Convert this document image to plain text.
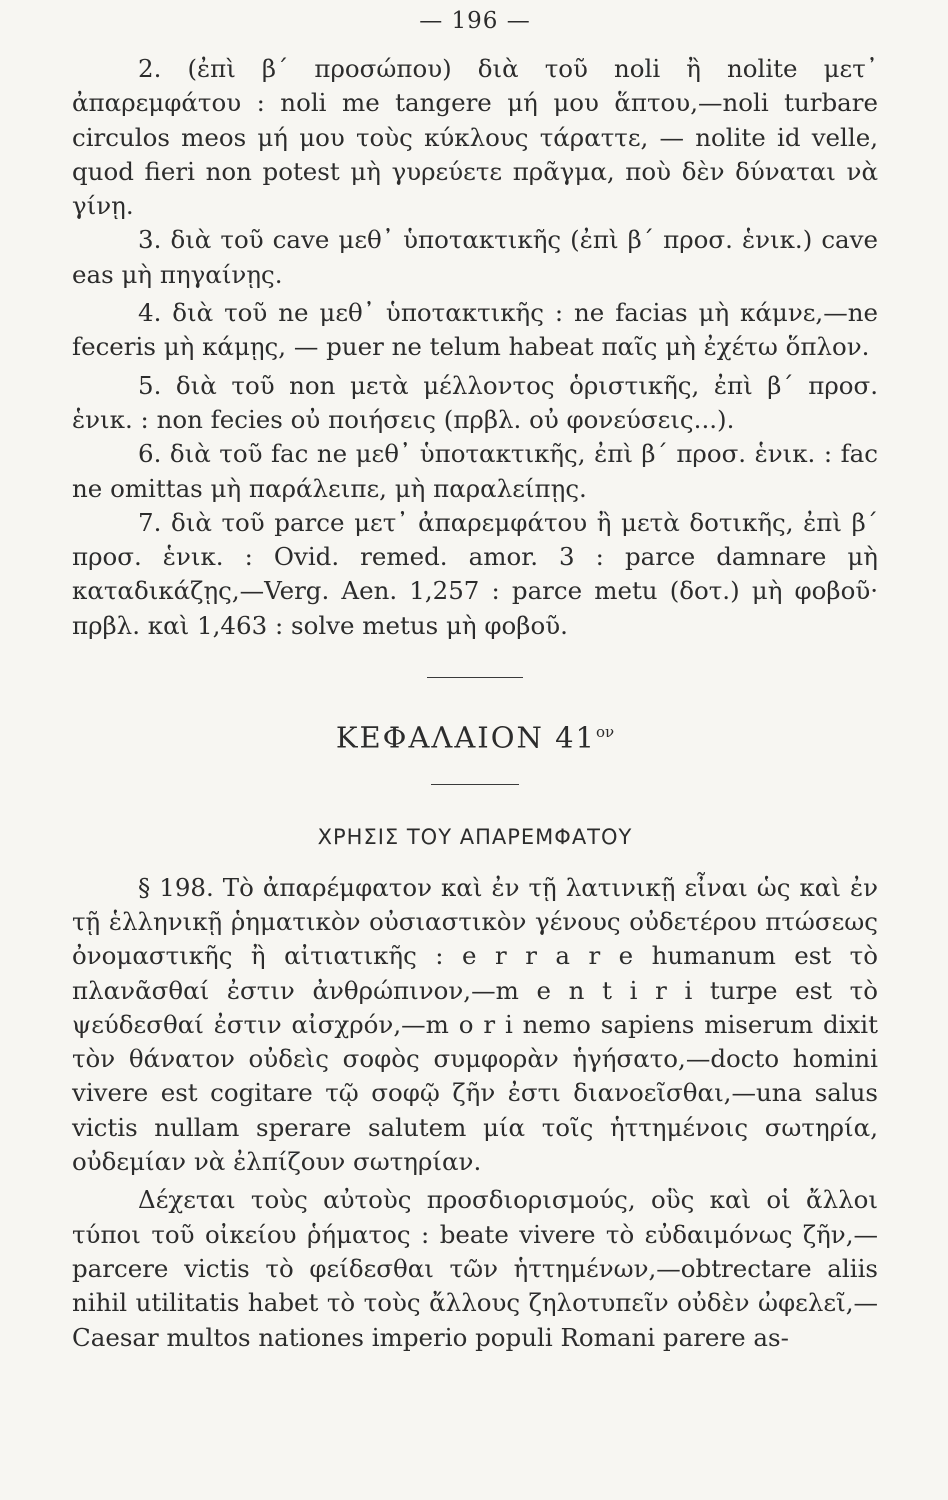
— 196 —

2. (ἐπὶ β΄ προσώπου) διὰ τοῦ noli ἢ nolite μετ᾽ ἀπαρεμφάτου : noli me tangere μή μου ἅπτου,—noli turbare circulos meos μή μου τοὺς κύκλους τάραττε, — nolite id velle, quod fieri non potest μὴ γυρεύετε πρᾶγμα, ποὺ δὲν δύναται νὰ γίνῃ.

3. διὰ τοῦ cave μεθ᾽ ὑποτακτικῆς (ἐπὶ β΄ προσ. ἑνικ.) cave eas μὴ πηγαίνῃς.

4. διὰ τοῦ ne μεθ᾽ ὑποτακτικῆς : ne facias μὴ κάμνε,—ne feceris μὴ κάμῃς, — puer ne telum habeat παῖς μὴ ἐχέτω ὅπλον.

5. διὰ τοῦ non μετὰ μέλλοντος ὁριστικῆς, ἐπὶ β΄ προσ. ἑνικ. : non fecies οὐ ποιήσεις (πρβλ. οὐ φονεύσεις...).

6. διὰ τοῦ fac ne μεθ᾽ ὑποτακτικῆς, ἐπὶ β΄ προσ. ἑνικ. : fac ne omittas μὴ παράλειπε, μὴ παραλείπῃς.

7. διὰ τοῦ parce μετ᾽ ἀπαρεμφάτου ἢ μετὰ δοτικῆς, ἐπὶ β΄ προσ. ἑνικ. : Ovid. remed. amor. 3 : parce damnare μὴ καταδικάζῃς,—Verg. Aen. 1,257 : parce metu (δοτ.) μὴ φοβοῦ· πρβλ. καὶ 1,463 : solve metus μὴ φοβοῦ.

ΚΕΦΑΛΑΙΟΝ $41^{o\nu}$
ΧΡΗΣΙΣ ΤΟΥ ΑΠΑΡΕΜΦΑΤΟΥ

§ 198. Τὸ ἀπαρέμφατον καὶ ἐν τῇ λατινικῇ εἶναι ὡς καὶ ἐν τῇ ἑλληνικῇ ῥηματικὸν οὐσιαστικὸν γένους οὐδετέρου πτώσεως ὀνομαστικῆς ἢ αἰτιατικῆς : e r r a r e humanum est τὸ πλανᾶσθαί ἐστιν ἀνθρώπινον,—m e n t i r i turpe est τὸ ψεύδεσθαί ἐστιν αἰσχρόν,—m o r i nemo sapiens miserum dixit τὸν θάνατον οὐδεὶς σοφὸς συμφορὰν ἡγήσατο,—docto homini vivere est cogitare τῷ σοφῷ ζῆν ἐστι διανοεῖσθαι,—una salus victis nullam sperare salutem μία τοῖς ἡττημένοις σωτηρία, οὐδεμίαν νὰ ἐλπίζουν σωτηρίαν.

Δέχεται τοὺς αὐτοὺς προσδιορισμούς, οὓς καὶ οἱ ἄλλοι τύποι τοῦ οἰκείου ῥήματος : beate vivere τὸ εὐδαιμόνως ζῆν,—parcere victis τὸ φείδεσθαι τῶν ἡττημένων,—obtrectare aliis nihil utilitatis habet τὸ τοὺς ἄλλους ζηλοτυπεῖν οὐδὲν ὠφελεῖ,—Caesar multos nationes imperio populi Romani parere as-
